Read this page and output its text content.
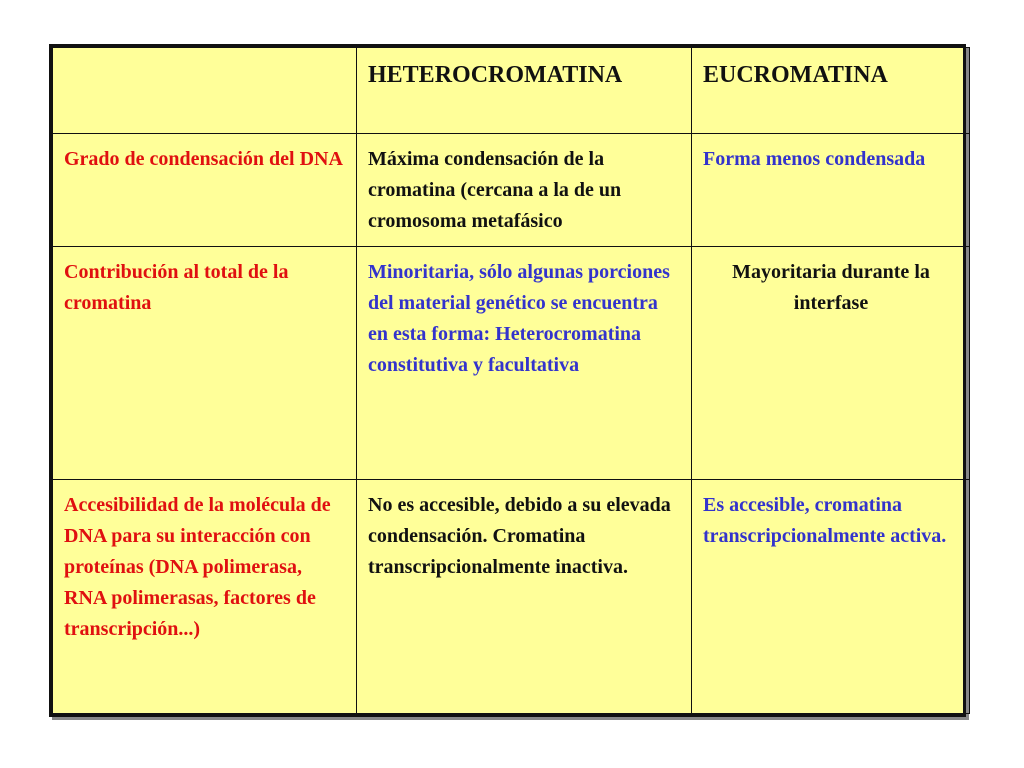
	HETEROCROMATINA	EUCROMATINA
Grado de condensación del DNA	Máxima condensación de la cromatina (cercana a la de un cromosoma metafásico	Forma menos condensada
Contribución al total de la cromatina	Minoritaria, sólo algunas porciones del material genético se encuentra en esta forma: Heterocromatina constitutiva y facultativa	Mayoritaria durante la interfase
Accesibilidad de la molécula de DNA para su interacción con proteínas (DNA polimerasa, RNA polimerasas, factores de transcripción...)	No es accesible, debido a su elevada condensación. Cromatina transcripcionalmente inactiva.	Es accesible, cromatina transcripcionalmente activa.
